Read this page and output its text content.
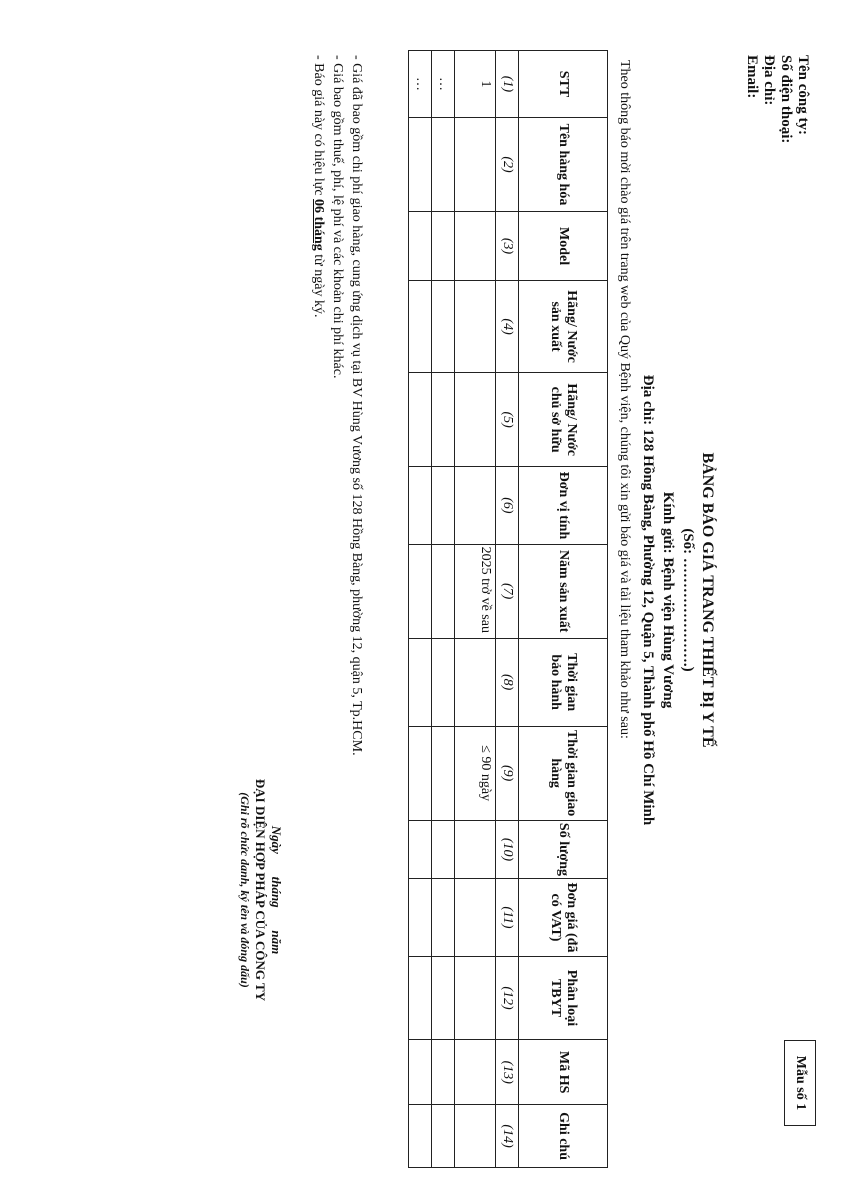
Tên công ty:
Số điện thoại:
Địa chỉ:
Email:
Mẫu số 1
BẢNG BÁO GIÁ TRANG THIẾT BỊ Y TẾ
(Số: ………………….)
Kính gửi: Bệnh viện Hùng Vương
Địa chỉ: 128 Hồng Bàng, Phường 12, Quận 5, Thành phố Hồ Chí Minh
Theo thông báo mời chào giá trên trang web của Quý Bệnh viện, chúng tôi xin gửi báo giá và tài liệu tham khảo như sau:
STT	Tên hàng hóa	Model	Hãng/ Nước sản xuất	Hãng/ Nước chủ sở hữu	Đơn vị tính	Năm sản xuất	Thời gian bảo hành	Thời gian giao hàng	Số lượng	Đơn giá (đã có VAT)	Phân loại TBYT	Mã HS	Ghi chú
(1)	(2)	(3)	(4)	(5)	(6)	(7)	(8)	(9)	(10)	(11)	(12)	(13)	(14)
1						2025 trở về sau		≤ 90 ngày					
…													
…													
- Giá đã bao gồm chi phí giao hàng, cung ứng dịch vụ tại BV Hùng Vương số 128 Hồng Bàng, phường 12, quận 5, Tp.HCM.
- Giá bao gồm thuế, phí, lệ phí và các khoản chi phí khác.
- Báo giá này có hiệu lực 06 tháng từ ngày ký.
Ngày       tháng       năm
ĐẠI DIỆN HỢP PHÁP CỦA CÔNG TY
(Ghi rõ chức danh, ký tên và đóng dấu)
